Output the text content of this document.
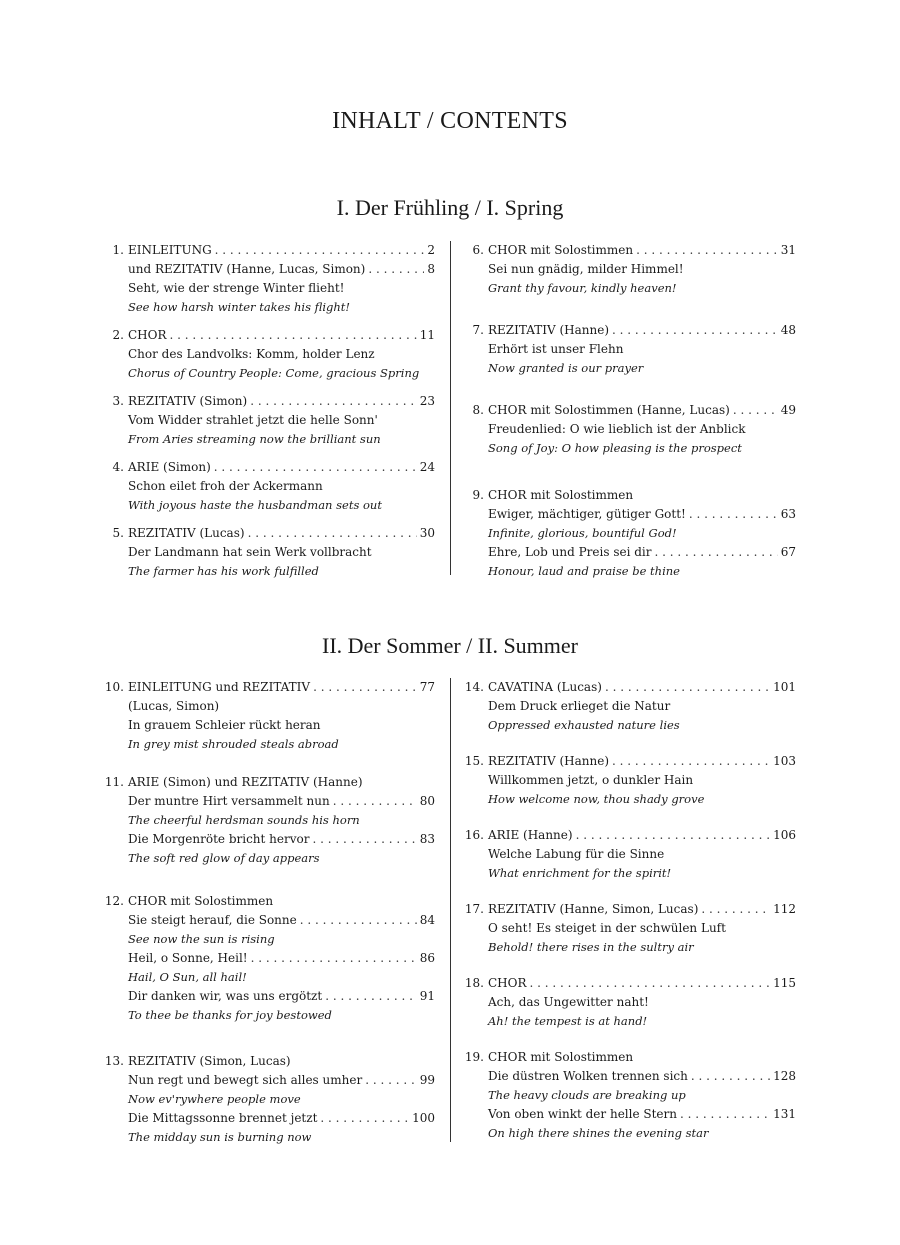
INHALT / CONTENTS
I. Der Frühling / I. Spring
1. EINLEITUNG . . .	2
und REZITATIV (Hanne, Lucas, Simon) . . .	8
Seht, wie der strenge Winter flieht!
See how harsh winter takes his flight!
2. CHOR . . .	11
Chor des Landvolks: Komm, holder Lenz
Chorus of Country People: Come, gracious Spring
3. REZITATIV (Simon) . . .	23
Vom Widder strahlet jetzt die helle Sonn'
From Aries streaming now the brilliant sun
4. ARIE (Simon) . . .	24
Schon eilet froh der Ackermann
With joyous haste the husbandman sets out
5. REZITATIV (Lucas) . . .	30
Der Landmann hat sein Werk vollbracht
The farmer has his work fulfilled
6. CHOR mit Solostimmen . . .	31
Sei nun gnädig, milder Himmel!
Grant thy favour, kindly heaven!
7. REZITATIV (Hanne) . . .	48
Erhört ist unser Flehn
Now granted is our prayer
8. CHOR mit Solostimmen (Hanne, Lucas) . . .	49
Freudenlied: O wie lieblich ist der Anblick
Song of Joy: O how pleasing is the prospect
9. CHOR mit Solostimmen
Ewiger, mächtiger, gütiger Gott! . . .	63
Infinite, glorious, bountiful God!
Ehre, Lob und Preis sei dir . . .	67
Honour, laud and praise be thine
II. Der Sommer / II. Summer
10. EINLEITUNG und REZITATIV . . .	77
(Lucas, Simon)
In grauem Schleier rückt heran
In grey mist shrouded steals abroad
11. ARIE (Simon) und REZITATIV (Hanne)
Der muntre Hirt versammelt nun . . .	80
The cheerful herdsman sounds his horn
Die Morgenröte bricht hervor . . .	83
The soft red glow of day appears
12. CHOR mit Solostimmen
Sie steigt herauf, die Sonne . . .	84
See now the sun is rising
Heil, o Sonne, Heil! . . .	86
Hail, O Sun, all hail!
Dir danken wir, was uns ergötzt . . .	91
To thee be thanks for joy bestowed
13. REZITATIV (Simon, Lucas)
Nun regt und bewegt sich alles umher . . .	99
Now ev'rywhere people move
Die Mittagssonne brennet jetzt . . .	100
The midday sun is burning now
14. CAVATINA (Lucas) . . .	101
Dem Druck erlieget die Natur
Oppressed exhausted nature lies
15. REZITATIV (Hanne) . . .	103
Willkommen jetzt, o dunkler Hain
How welcome now, thou shady grove
16. ARIE (Hanne) . . .	106
Welche Labung für die Sinne
What enrichment for the spirit!
17. REZITATIV (Hanne, Simon, Lucas) . . .	112
O seht! Es steiget in der schwülen Luft
Behold! there rises in the sultry air
18. CHOR . . .	115
Ach, das Ungewitter naht!
Ah! the tempest is at hand!
19. CHOR mit Solostimmen
Die düstren Wolken trennen sich . . .	128
The heavy clouds are breaking up
Von oben winkt der helle Stern . . .	131
On high there shines the evening star
